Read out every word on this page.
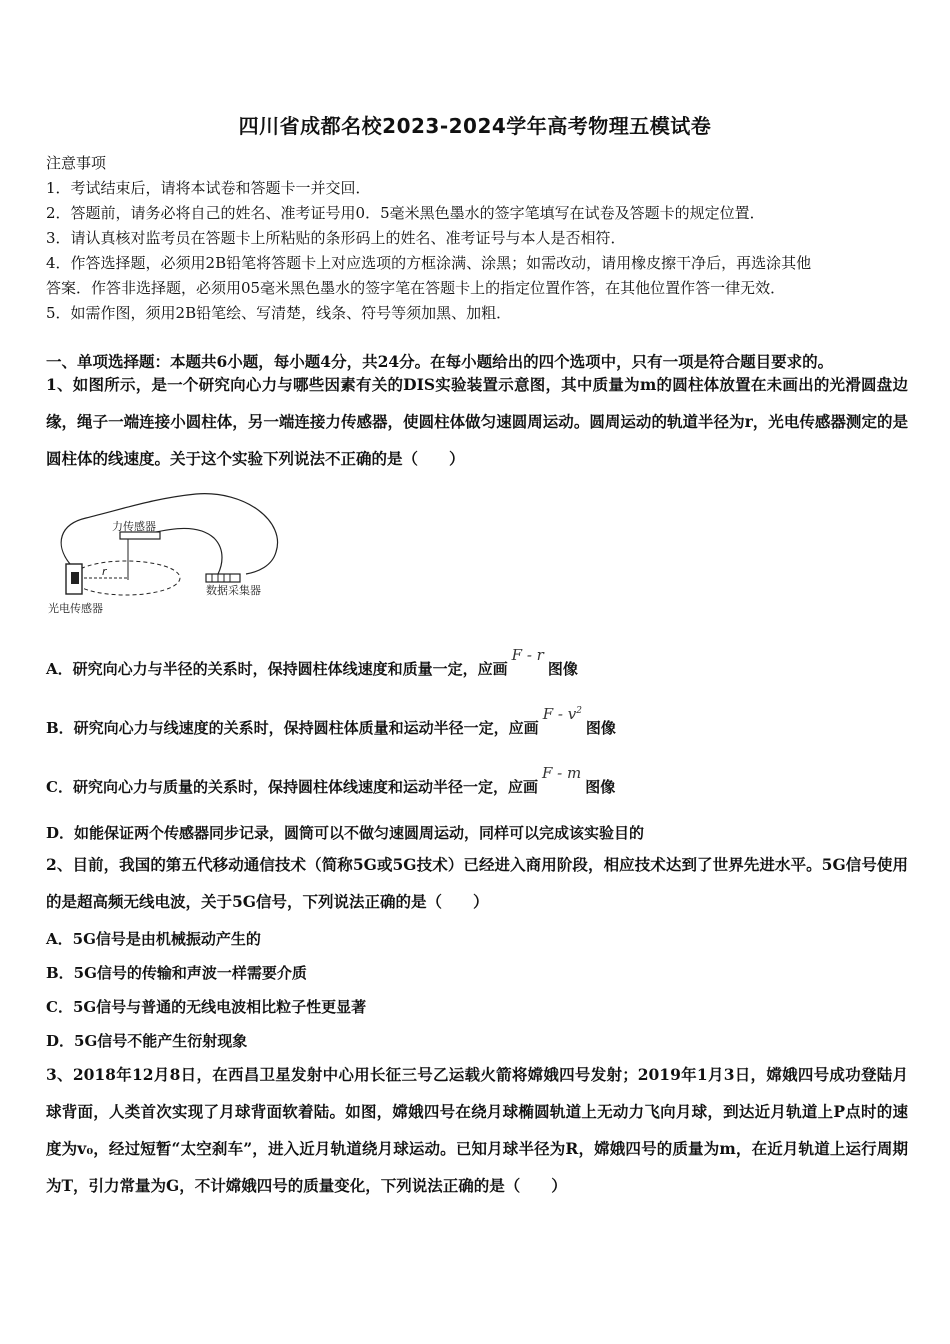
四川省成都名校2023-2024学年高考物理五模试卷
注意事项
1．考试结束后，请将本试卷和答题卡一并交回．
2．答题前，请务必将自己的姓名、准考证号用0．5毫米黑色墨水的签字笔填写在试卷及答题卡的规定位置．
3．请认真核对监考员在答题卡上所粘贴的条形码上的姓名、准考证号与本人是否相符．
4．作答选择题，必须用2B铅笔将答题卡上对应选项的方框涂满、涂黑；如需改动，请用橡皮擦干净后，再选涂其他
答案．作答非选择题，必须用05毫米黑色墨水的签字笔在答题卡上的指定位置作答，在其他位置作答一律无效．
5．如需作图，须用2B铅笔绘、写清楚，线条、符号等须加黑、加粗．
一、单项选择题：本题共6小题，每小题4分，共24分。在每小题给出的四个选项中，只有一项是符合题目要求的。
1、如图所示，是一个研究向心力与哪些因素有关的DIS实验装置示意图，其中质量为m的圆柱体放置在未画出的光滑圆盘边缘，绳子一端连接小圆柱体，另一端连接力传感器，使圆柱体做匀速圆周运动。圆周运动的轨道半径为r，光电传感器测定的是圆柱体的线速度。关于这个实验下列说法不正确的是（　　）
r
力传感器
数据采集器
光电传感器
A．研究向心力与半径的关系时，保持圆柱体线速度和质量一定，应画F - r图像
B．研究向心力与线速度的关系时，保持圆柱体质量和运动半径一定，应画F - $v^2$图像
C．研究向心力与质量的关系时，保持圆柱体线速度和运动半径一定，应画F - m图像
D．如能保证两个传感器同步记录，圆筒可以不做匀速圆周运动，同样可以完成该实验目的
2、目前，我国的第五代移动通信技术（简称5G或5G技术）已经进入商用阶段，相应技术达到了世界先进水平。5G信号使用的是超高频无线电波，关于5G信号，下列说法正确的是（　　）
A．5G信号是由机械振动产生的
B．5G信号的传输和声波一样需要介质
C．5G信号与普通的无线电波相比粒子性更显著
D．5G信号不能产生衍射现象
3、2018年12月8日，在西昌卫星发射中心用长征三号乙运载火箭将嫦娥四号发射；2019年1月3日，嫦娥四号成功登陆月球背面，人类首次实现了月球背面软着陆。如图，嫦娥四号在绕月球椭圆轨道上无动力飞向月球，到达近月轨道上P点时的速度为v₀，经过短暂“太空刹车”，进入近月轨道绕月球运动。已知月球半径为R，嫦娥四号的质量为m，在近月轨道上运行周期为T，引力常量为G，不计嫦娥四号的质量变化，下列说法正确的是（　　）
